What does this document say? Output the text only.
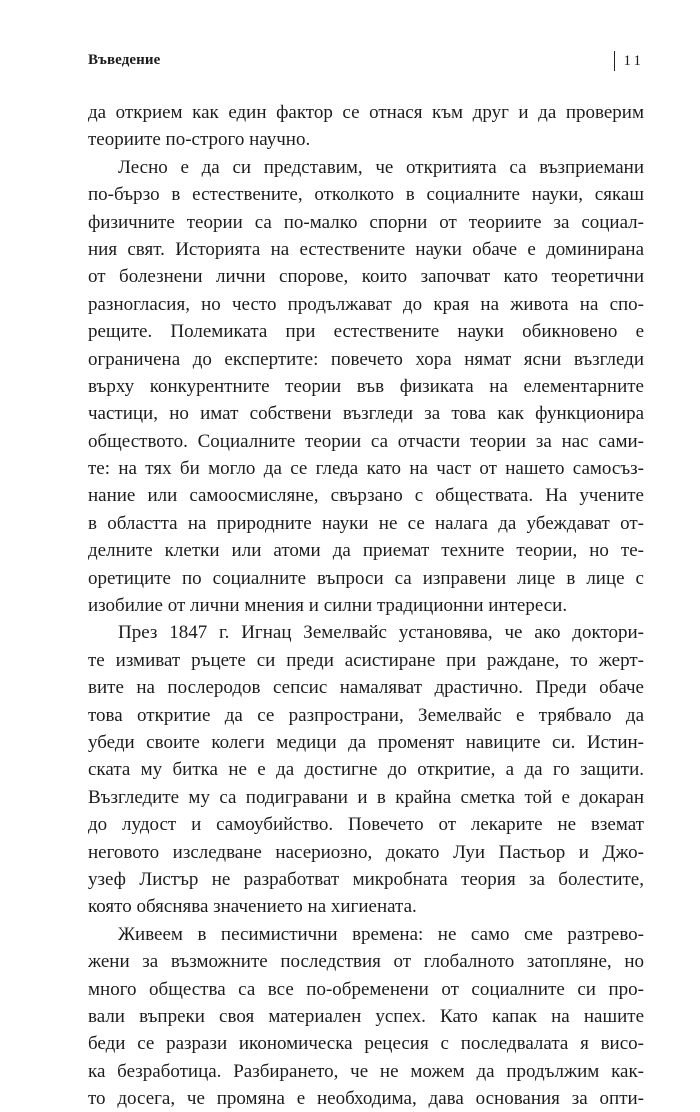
Въведение	11
да открием как един фактор се отнася към друг и да проверим
теориите по-строго научно.
Лесно е да си представим, че откритията са възприемани
по-бързо в естествените, отколкото в социалните науки, сякаш
физичните теории са по-малко спорни от теориите за социал-
ния свят. Историята на естествените науки обаче е доминирана
от болезнени лични спорове, които започват като теоретични
разногласия, но често продължават до края на живота на спо-
рещите. Полемиката при естествените науки обикновено е
ограничена до експертите: повечето хора нямат ясни възгледи
върху конкурентните теории във физиката на елементарните
частици, но имат собствени възгледи за това как функционира
обществото. Социалните теории са отчасти теории за нас сами-
те: на тях би могло да се гледа като на част от нашето самосъз-
нание или самоосмисляне, свързано с обществата. На учените
в областта на природните науки не се налага да убеждават от-
делните клетки или атоми да приемат техните теории, но те-
оретиците по социалните въпроси са изправени лице в лице с
изобилие от лични мнения и силни традиционни интереси.
През 1847 г. Игнац Земелвайс установява, че ако доктори-
те измиват ръцете си преди асистиране при раждане, то жерт-
вите на послеродов сепсис намаляват драстично. Преди обаче
това откритие да се разпространи, Земелвайс е трябвало да
убеди своите колеги медици да променят навиците си. Истин-
ската му битка не е да достигне до откритие, а да го защити.
Възгледите му са подигравани и в крайна сметка той е докаран
до лудост и самоубийство. Повечето от лекарите не вземат
неговото изследване насериозно, докато Луи Пастьор и Джо-
узеф Листър не разработват микробната теория за болестите,
която обяснява значението на хигиената.
Живеем в песимистични времена: не само сме разтрево-
жени за възможните последствия от глобалното затопляне, но
много общества са все по-обременени от социалните си про-
вали въпреки своя материален успех. Като капак на нашите
беди се разрази икономическа рецесия с последвалата я висо-
ка безработица. Разбирането, че не можем да продължим как-
то досега, че промяна е необходима, дава основания за опти-
